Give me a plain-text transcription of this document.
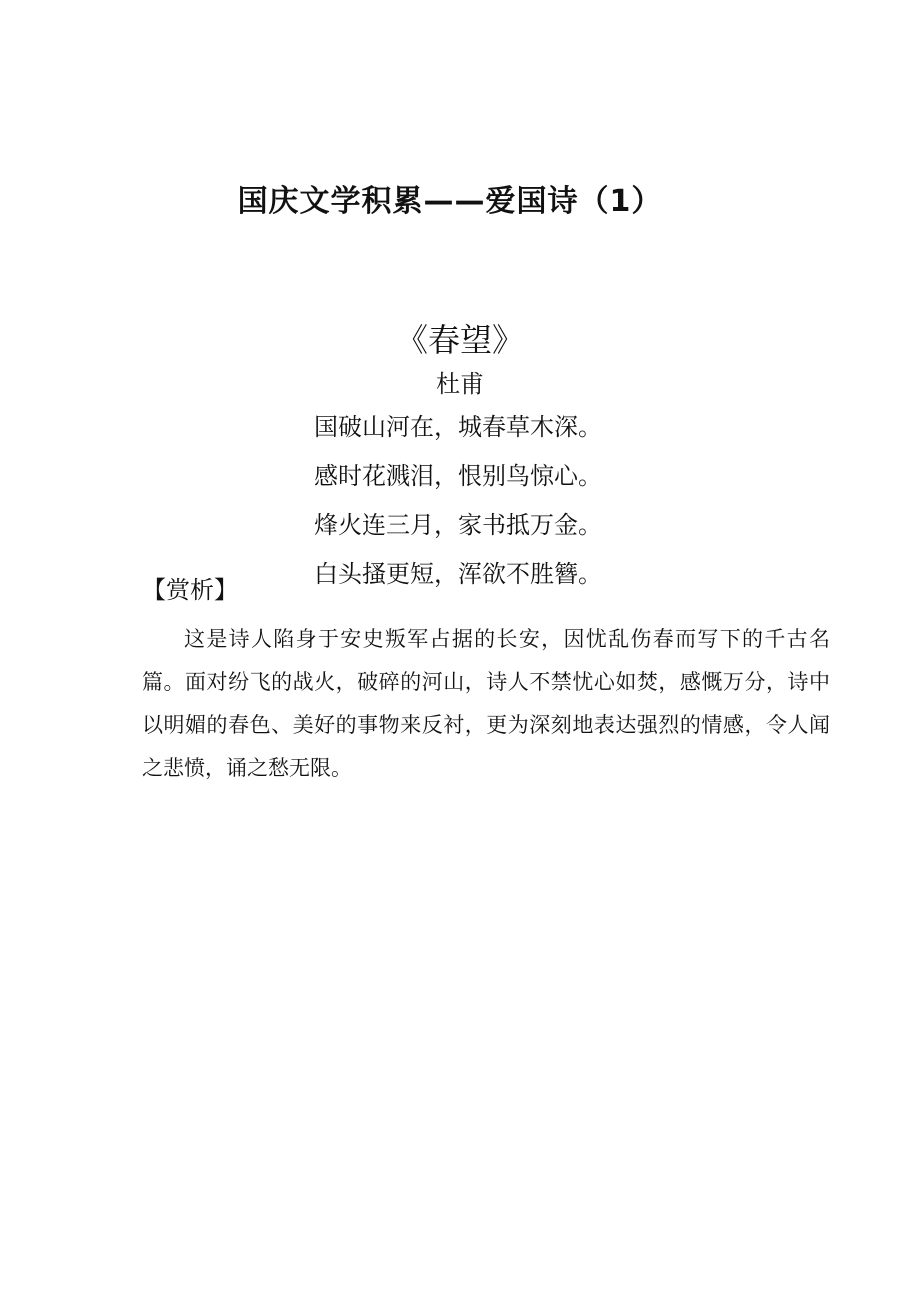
国庆文学积累——爱国诗（1）
《春望》
杜甫
国破山河在，城春草木深。
感时花溅泪，恨别鸟惊心。
烽火连三月，家书抵万金。
白头搔更短，浑欲不胜簪。
【赏析】

这是诗人陷身于安史叛军占据的长安，因忧乱伤春而写下的千古名篇。面对纷飞的战火，破碎的河山，诗人不禁忧心如焚，感慨万分，诗中以明媚的春色、美好的事物来反衬，更为深刻地表达强烈的情感，令人闻之悲愤，诵之愁无限。
